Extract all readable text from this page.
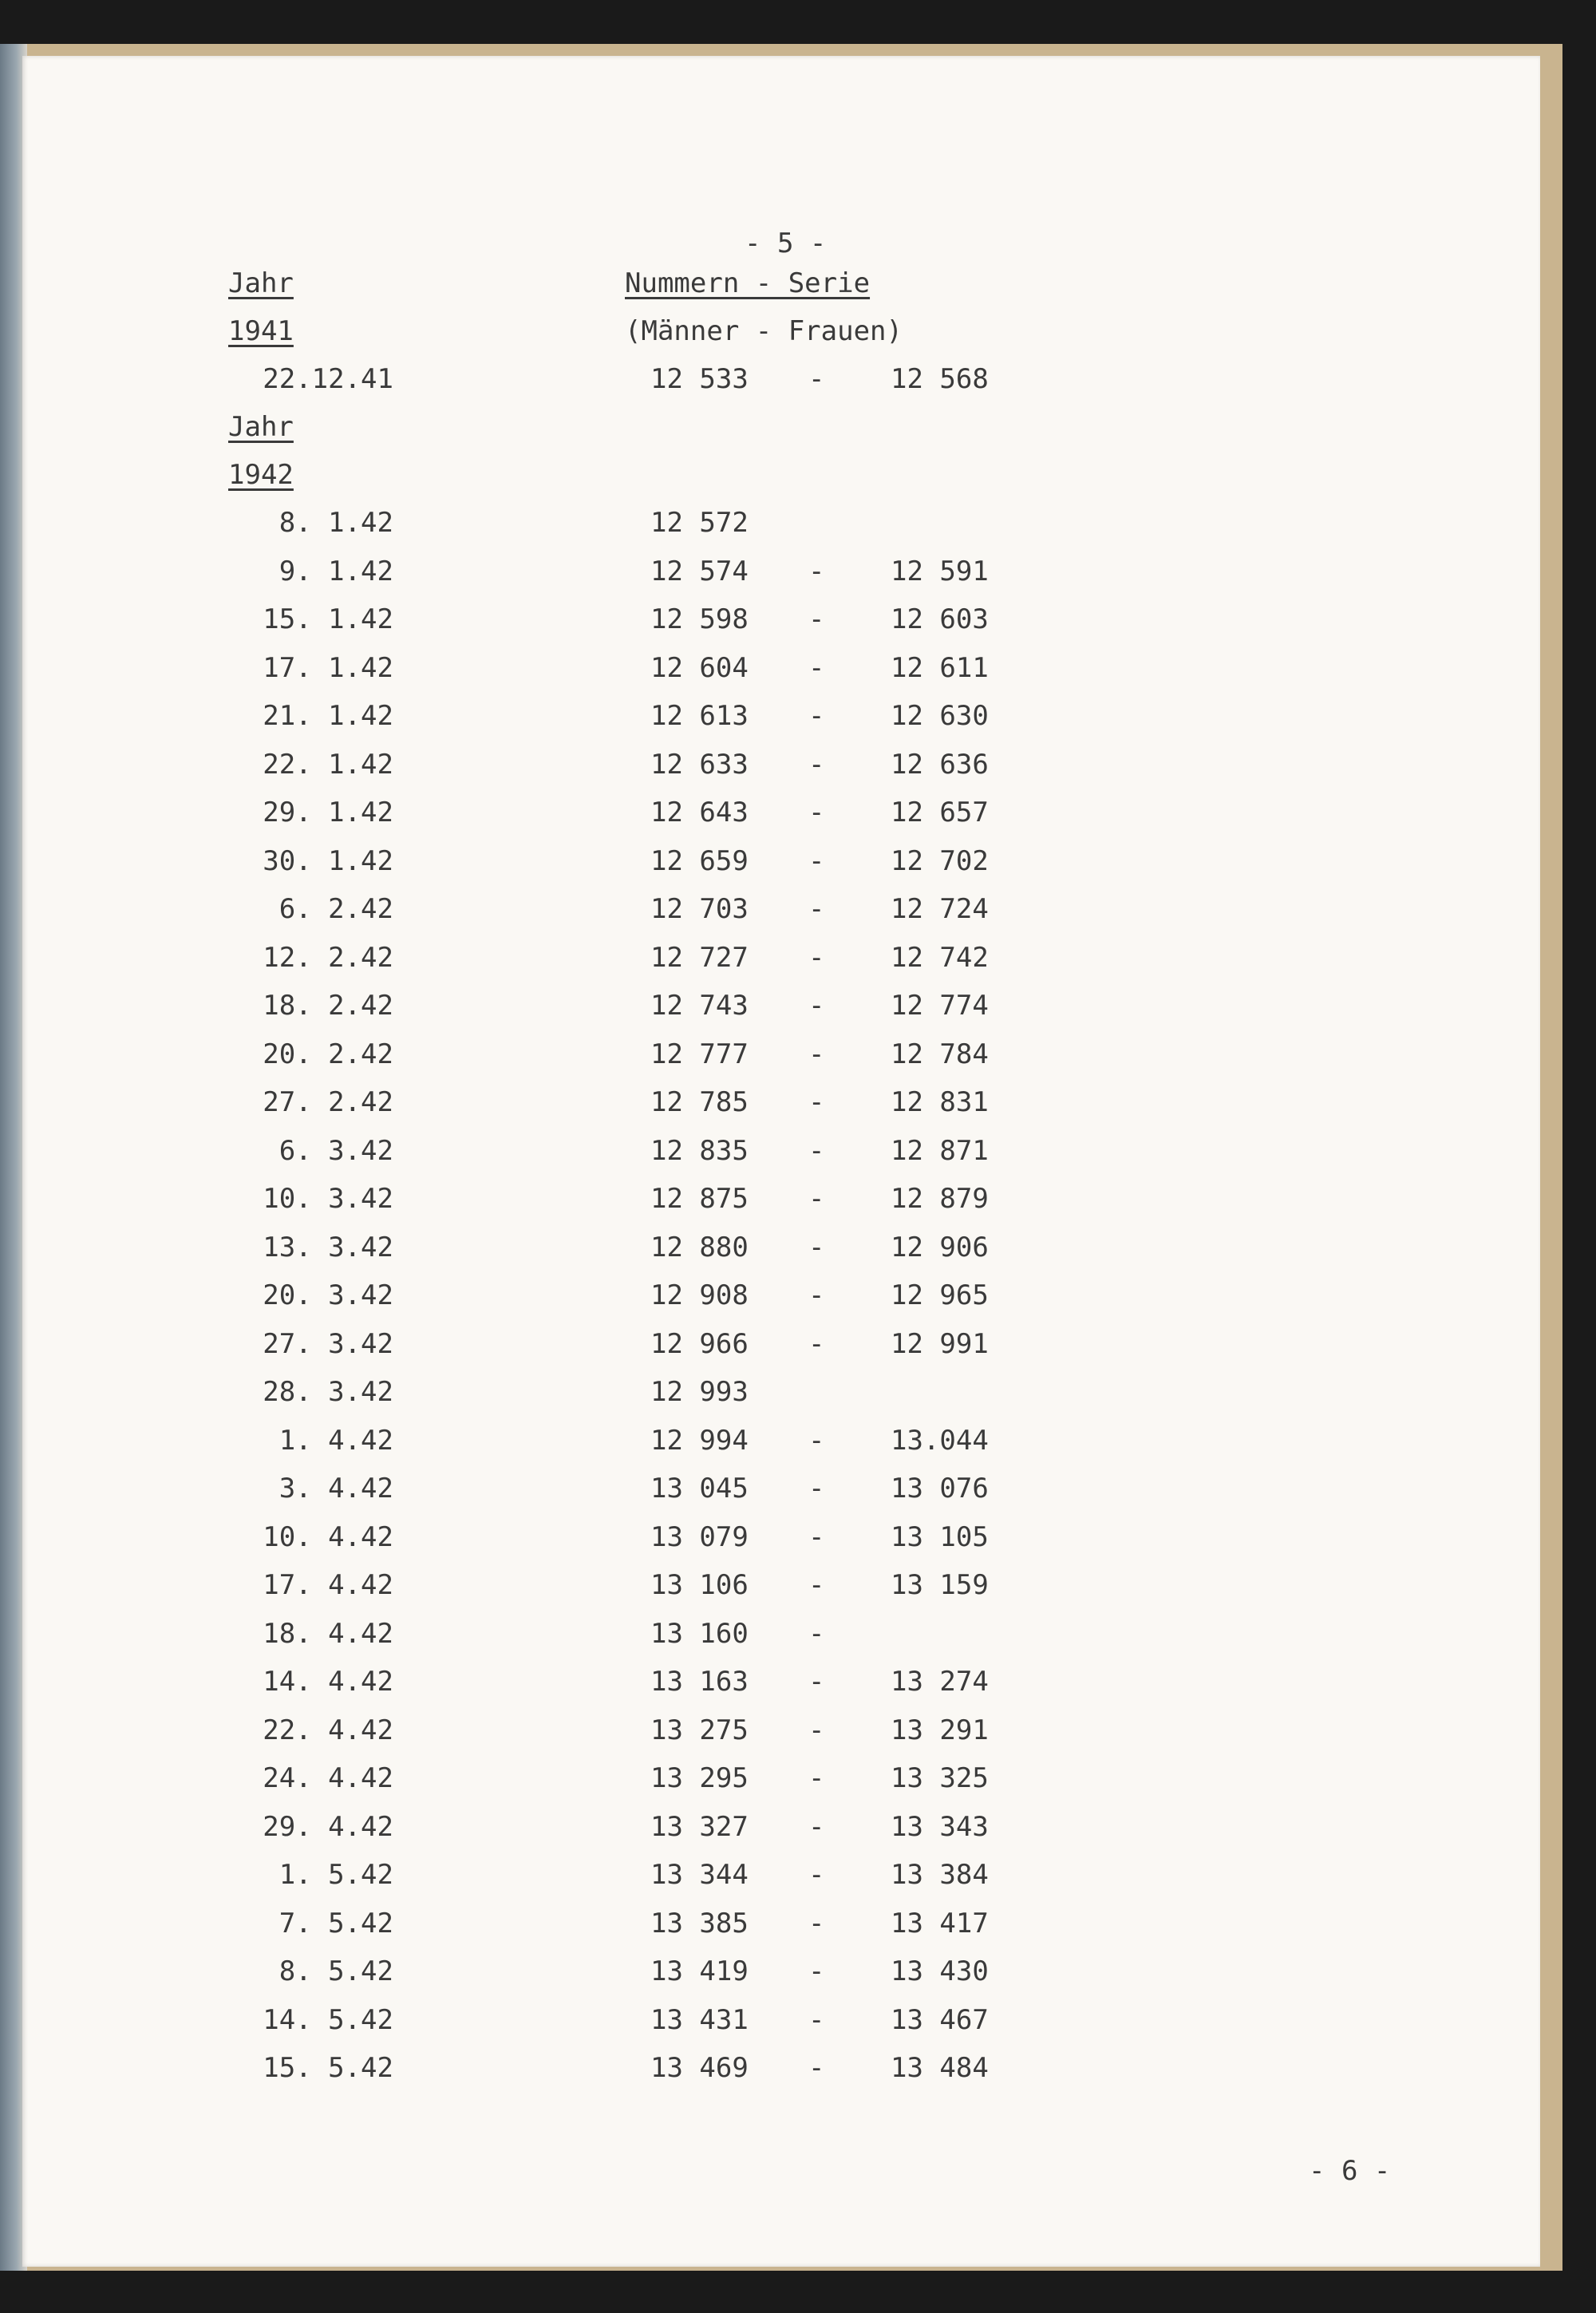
- 5 -
Jahr	Nummern - Serie
(Männer - Frauen)
1941
22.12.41	12 533 - 12 568
Jahr
1942
8. 1.42	12 572
9. 1.42	12 574 - 12 591
15. 1.42	12 598 - 12 603
17. 1.42	12 604 - 12 611
21. 1.42	12 613 - 12 630
22. 1.42	12 633 - 12 636
29. 1.42	12 643 - 12 657
30. 1.42	12 659 - 12 702
6. 2.42	12 703 - 12 724
12. 2.42	12 727 - 12 742
18. 2.42	12 743 - 12 774
20. 2.42	12 777 - 12 784
27. 2.42	12 785 - 12 831
6. 3.42	12 835 - 12 871
10. 3.42	12 875 - 12 879
13. 3.42	12 880 - 12 906
20. 3.42	12 908 - 12 965
27. 3.42	12 966 - 12 991
28. 3.42	12 993
1. 4.42	12 994 - 13.044
3. 4.42	13 045 - 13 076
10. 4.42	13 079 - 13 105
17. 4.42	13 106 - 13 159
18. 4.42	13 160 -
14. 4.42	13 163 - 13 274
22. 4.42	13 275 - 13 291
24. 4.42	13 295 - 13 325
29. 4.42	13 327 - 13 343
1. 5.42	13 344 - 13 384
7. 5.42	13 385 - 13 417
8. 5.42	13 419 - 13 430
14. 5.42	13 431 - 13 467
15. 5.42	13 469 - 13 484
- 6 -
